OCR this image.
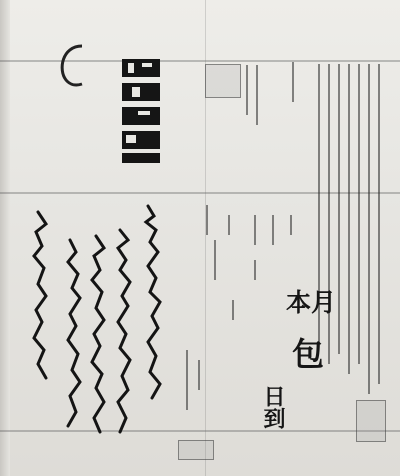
本月
包
日到
